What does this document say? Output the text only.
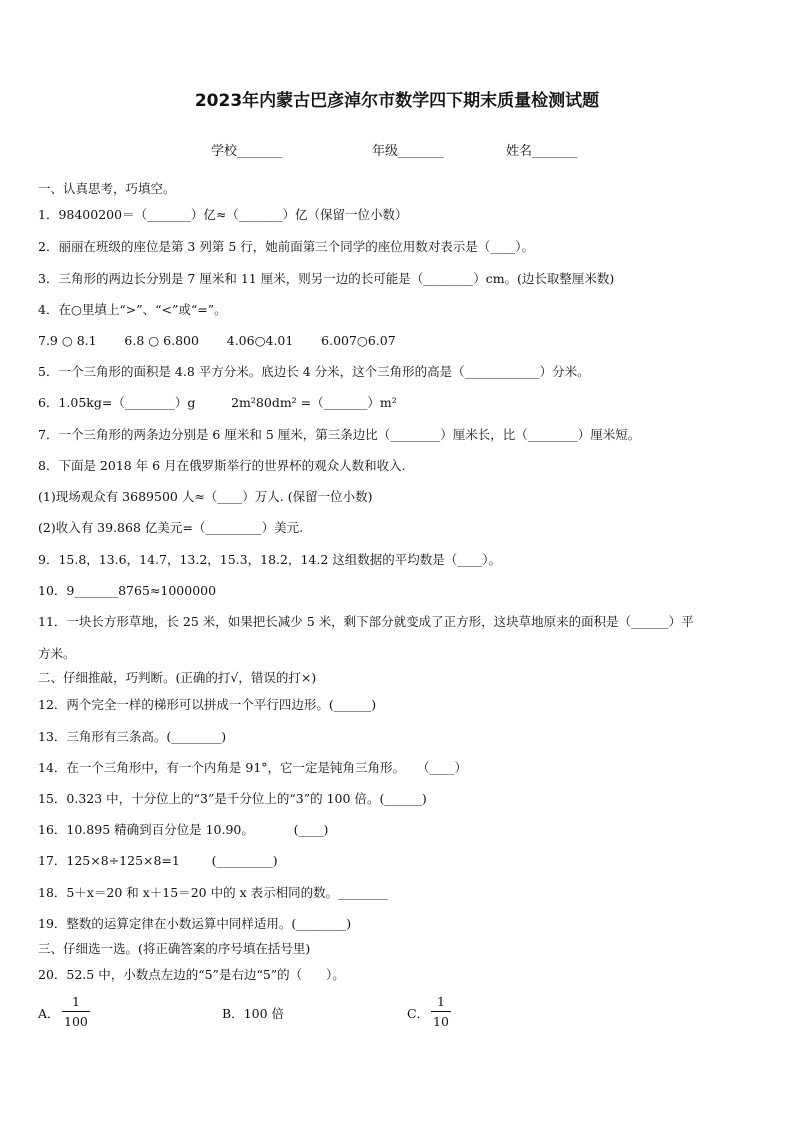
2023年内蒙古巴彦淖尔市数学四下期末质量检测试题
学校_______	年级_______	姓名_______
一、认真思考，巧填空。
1．98400200＝（_______）亿≈（_______）亿（保留一位小数）
2．丽丽在班级的座位是第 3 列第 5 行，她前面第三个同学的座位用数对表示是（____）。
3．三角形的两边长分别是 7 厘米和 11 厘米，则另一边的长可能是（________）cm。(边长取整厘米数)
4．在○里填上“>”、“<”或“=”。
7.9 ○ 8.1       6.8 ○ 6.800       4.06○4.01       6.007○6.07
5．一个三角形的面积是 4.8 平方分米。底边长 4 分米，这个三角形的高是（____________）分米。
6．1.05kg=（________）g         2m²80dm² =（_______）m²
7．一个三角形的两条边分别是 6 厘米和 5 厘米，第三条边比（________）厘米长，比（________）厘米短。
8．下面是 2018 年 6 月在俄罗斯举行的世界杯的观众人数和收入.
(1)现场观众有 3689500 人≈（____）万人. (保留一位小数)
(2)收入有 39.868 亿美元=（_________）美元.
9．15.8，13.6，14.7，13.2，15.3，18.2，14.2 这组数据的平均数是（____）。
10．9_______8765≈1000000
11．一块长方形草地，长 25 米，如果把长减少 5 米，剩下部分就变成了正方形，这块草地原来的面积是（______）平
方米。
二、仔细推敲，巧判断。(正确的打√，错误的打×)
12．两个完全一样的梯形可以拼成一个平行四边形。(______)
13．三角形有三条高。(________)
14．在一个三角形中，有一个内角是 91°，它一定是钝角三角形。   （____）
15．0.323 中，十分位上的“3”是千分位上的“3”的 100 倍。(______)
16．10.895 精确到百分位是 10.90。          (____)
17．125×8÷125×8=1        (_________)
18．5＋x＝20 和 x＋15＝20 中的 x 表示相同的数。________
19．整数的运算定律在小数运算中同样适用。(________)
三、仔细选一选。(将正确答案的序号填在括号里)
20．52.5 中，小数点左边的“5”是右边“5”的（      ）。
A． $\frac{1}{100}$	B．100 倍	C． $\frac{1}{10}$
